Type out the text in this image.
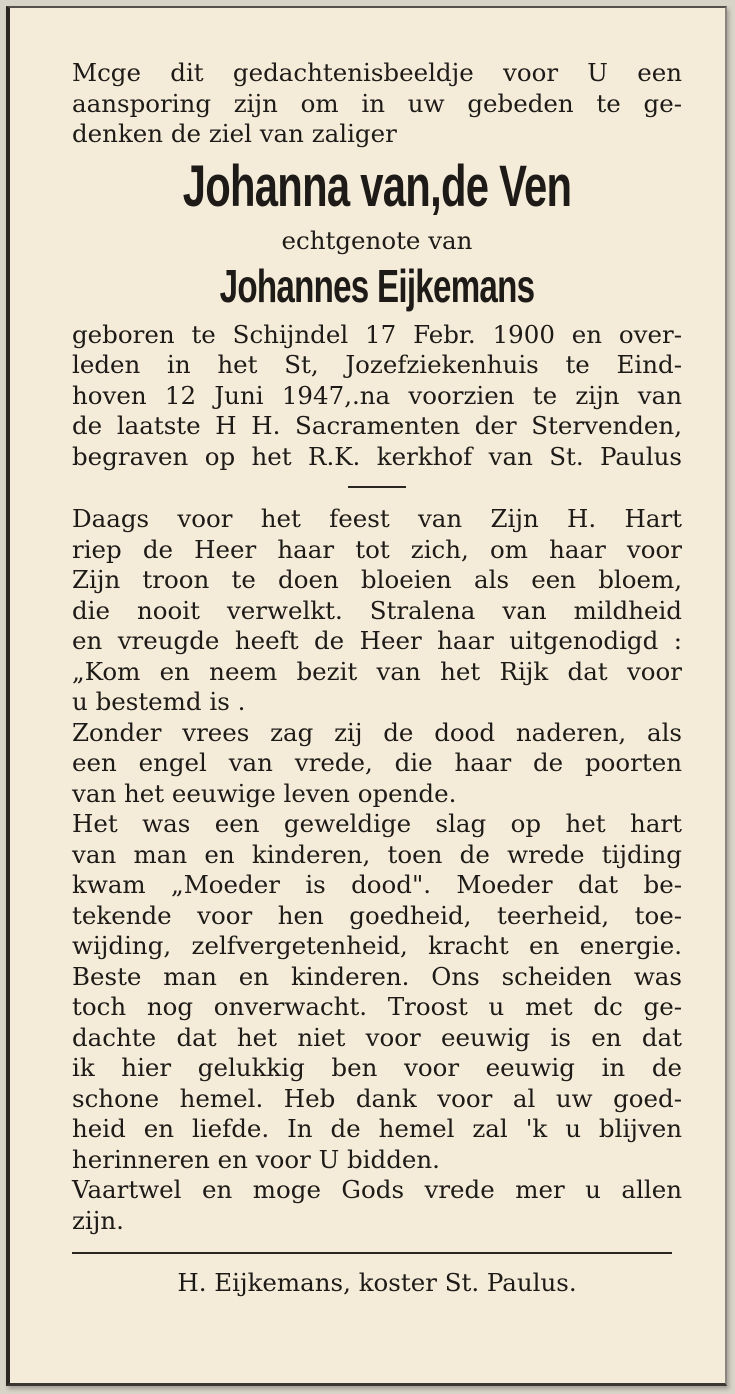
Mcge dit gedachtenisbeeldje voor U een
aansporing zijn om in uw gebeden te ge-
denken de ziel van zaliger

Johanna van,de Ven

echtgenote van

Johannes Eijkemans

geboren te Schijndel 17 Febr. 1900 en over-
leden in het St, Jozefziekenhuis te Eind-
hoven 12 Juni 1947,.na voorzien te zijn van
de laatste H H. Sacramenten der Stervenden,
begraven op het R.K. kerkhof van St. Paulus

Daags voor het feest van Zijn H. Hart
riep de Heer haar tot zich, om haar voor
Zijn troon te doen bloeien als een bloem,
die nooit verwelkt. Stralena van mildheid
en vreugde heeft de Heer haar uitgenodigd :
„Kom en neem bezit van het Rijk dat voor
u bestemd is .

Zonder vrees zag zij de dood naderen, als
een engel van vrede, die haar de poorten
van het eeuwige leven opende.

Het was een geweldige slag op het hart
van man en kinderen, toen de wrede tijding
kwam „Moeder is dood". Moeder dat be-
tekende voor hen goedheid, teerheid, toe-
wijding, zelfvergetenheid, kracht en energie.

Beste man en kinderen. Ons scheiden was
toch nog onverwacht. Troost u met dc ge-
dachte dat het niet voor eeuwig is en dat
ik hier gelukkig ben voor eeuwig in de
schone hemel. Heb dank voor al uw goed-
heid en liefde. In de hemel zal 'k u blijven
herinneren en voor U bidden.

Vaartwel en moge Gods vrede mer u allen
zijn.

H. Eijkemans, koster St. Paulus.
